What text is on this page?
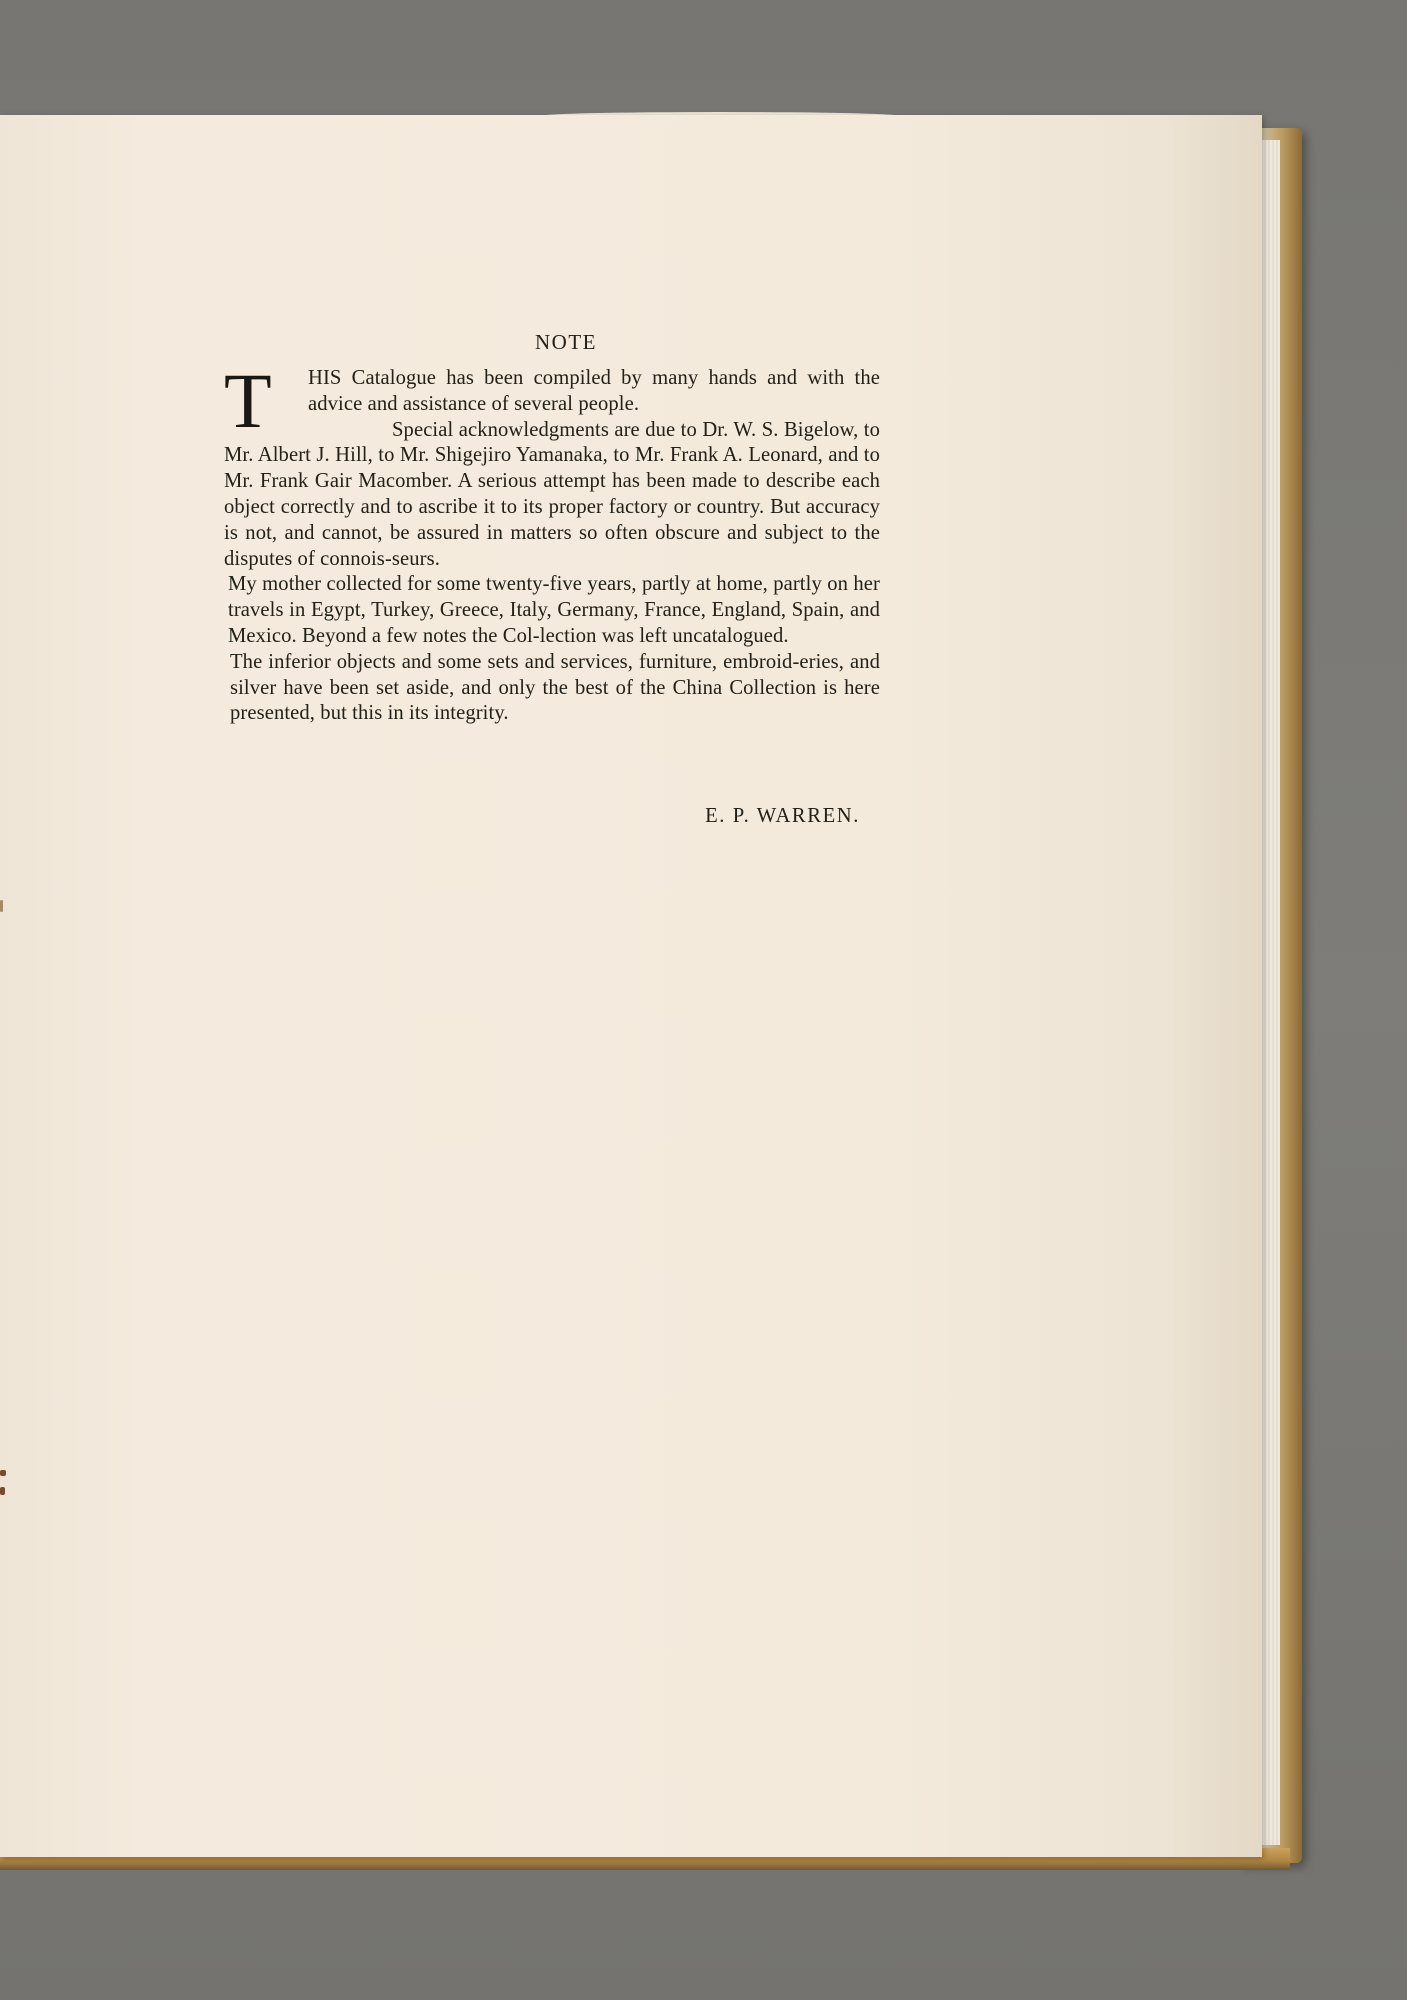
NOTE
T	HIS Catalogue has been compiled by many hands and with the advice and assistance of several people.

Special acknowledgments are due to Dr. W. S. Bigelow, to Mr. Albert J. Hill, to Mr. Shigejiro Yamanaka, to Mr. Frank A. Leonard, and to Mr. Frank Gair Macomber. A serious attempt has been made to describe each object correctly and to ascribe it to its proper factory or country. But accuracy is not, and cannot, be assured in matters so often obscure and subject to the disputes of connois-seurs.

My mother collected for some twenty-five years, partly at home, partly on her travels in Egypt, Turkey, Greece, Italy, Germany, France, England, Spain, and Mexico. Beyond a few notes the Col-lection was left uncatalogued.

The inferior objects and some sets and services, furniture, embroid-eries, and silver have been set aside, and only the best of the China Collection is here presented, but this in its integrity.

E. P. WARREN.
